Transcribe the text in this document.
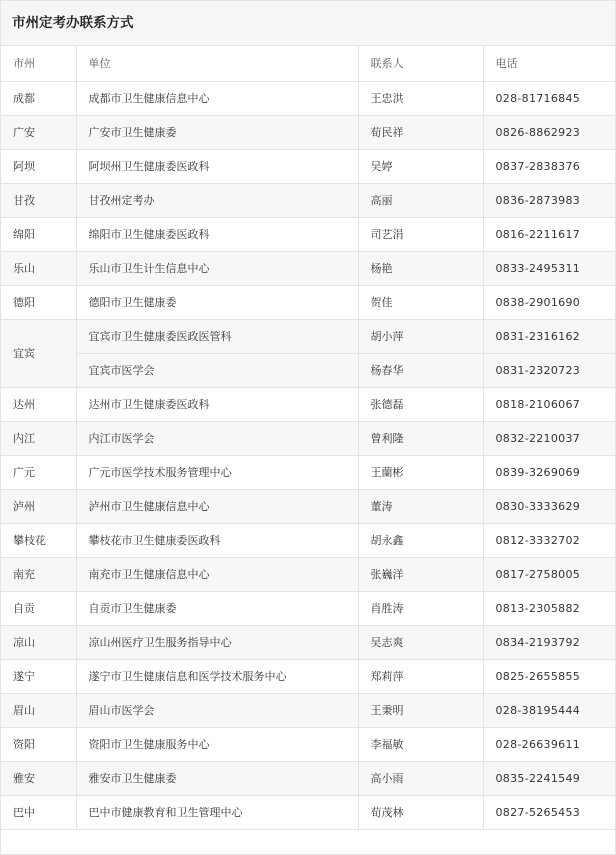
市州定考办联系方式
市州	单位	联系人	电话
成都	成都市卫生健康信息中心	王忠洪	028-81716845
广安	广安市卫生健康委	荀民祥	0826-8862923
阿坝	阿坝州卫生健康委医政科	吴婷	0837-2838376
甘孜	甘孜州定考办	高丽	0836-2873983
绵阳	绵阳市卫生健康委医政科	司艺涓	0816-2211617
乐山	乐山市卫生计生信息中心	杨艳	0833-2495311
德阳	德阳市卫生健康委	贺佳	0838-2901690
宜宾	宜宾市卫生健康委医政医管科	胡小萍	0831-2316162
	宜宾市医学会	杨春华	0831-2320723
达州	达州市卫生健康委医政科	张德磊	0818-2106067
内江	内江市医学会	曾利隆	0832-2210037
广元	广元市医学技术服务管理中心	王蘭彬	0839-3269069
泸州	泸州市卫生健康信息中心	董涛	0830-3333629
攀枝花	攀枝花市卫生健康委医政科	胡永鑫	0812-3332702
南充	南充市卫生健康信息中心	张巍洋	0817-2758005
自贡	自贡市卫生健康委	肖胜涛	0813-2305882
凉山	凉山州医疗卫生服务指导中心	吴志爽	0834-2193792
遂宁	遂宁市卫生健康信息和医学技术服务中心	郑莉萍	0825-2655855
眉山	眉山市医学会	王秉明	028-38195444
资阳	资阳市卫生健康服务中心	李福敏	028-26639611
雅安	雅安市卫生健康委	高小雨	0835-2241549
巴中	巴中市健康教育和卫生管理中心	荀茂林	0827-5265453
